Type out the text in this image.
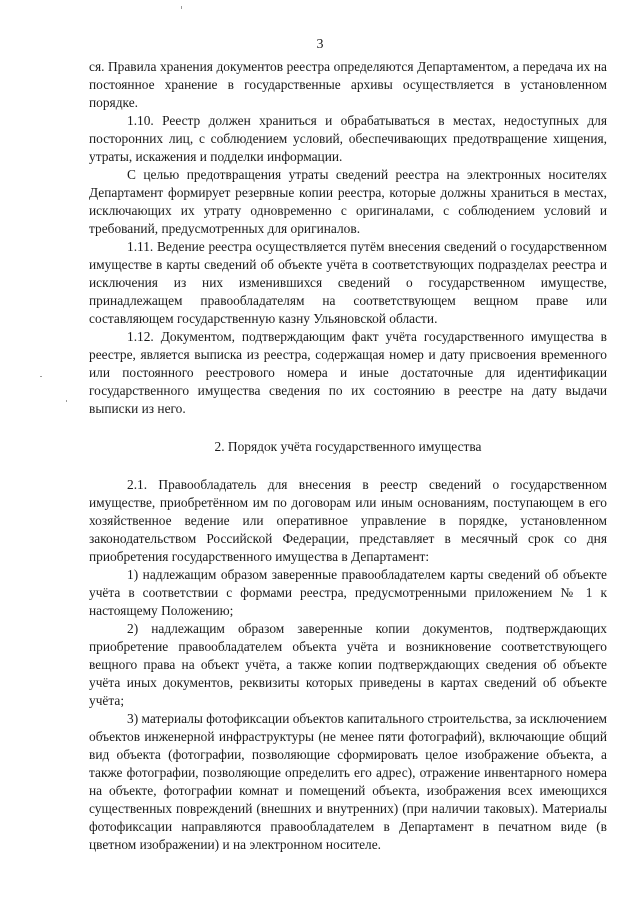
3

ся. Правила хранения документов реестра определяются Департаментом, а передача их на постоянное хранение в государственные архивы осуществляется в установленном порядке.

1.10. Реестр должен храниться и обрабатываться в местах, недоступных для посторонних лиц, с соблюдением условий, обеспечивающих предотвращение хищения, утраты, искажения и подделки информации.

С целью предотвращения утраты сведений реестра на электронных носителях Департамент формирует резервные копии реестра, которые должны храниться в местах, исключающих их утрату одновременно с оригиналами, с соблюдением условий и требований, предусмотренных для оригиналов.

1.11. Ведение реестра осуществляется путём внесения сведений о государственном имуществе в карты сведений об объекте учёта в соответствующих подразделах реестра и исключения из них изменившихся сведений о государственном имуществе, принадлежащем правообладателям на соответствующем вещном праве или составляющем государственную казну Ульяновской области.

1.12. Документом, подтверждающим факт учёта государственного имущества в реестре, является выписка из реестра, содержащая номер и дату присвоения временного или постоянного реестрового номера и иные достаточные для идентификации государственного имущества сведения по их состоянию в реестре на дату выдачи выписки из него.

2. Порядок учёта государственного имущества

2.1. Правообладатель для внесения в реестр сведений о государственном имуществе, приобретённом им по договорам или иным основаниям, поступающем в его хозяйственное ведение или оперативное управление в порядке, установленном законодательством Российской Федерации, представляет в месячный срок со дня приобретения государственного имущества в Департамент:

1) надлежащим образом заверенные правообладателем карты сведений об объекте учёта в соответствии с формами реестра, предусмотренными приложением № 1 к настоящему Положению;

2) надлежащим образом заверенные копии документов, подтверждающих приобретение правообладателем объекта учёта и возникновение соответствующего вещного права на объект учёта, а также копии подтверждающих сведения об объекте учёта иных документов, реквизиты которых приведены в картах сведений об объекте учёта;

3) материалы фотофиксации объектов капитального строительства, за исключением объектов инженерной инфраструктуры (не менее пяти фотографий), включающие общий вид объекта (фотографии, позволяющие сформировать целое изображение объекта, а также фотографии, позволяющие определить его адрес), отражение инвентарного номера на объекте, фотографии комнат и помещений объекта, изображения всех имеющихся существенных повреждений (внешних и внутренних) (при наличии таковых). Материалы фотофиксации направляются правообладателем в Департамент в печатном виде (в цветном изображении) и на электронном носителе.
